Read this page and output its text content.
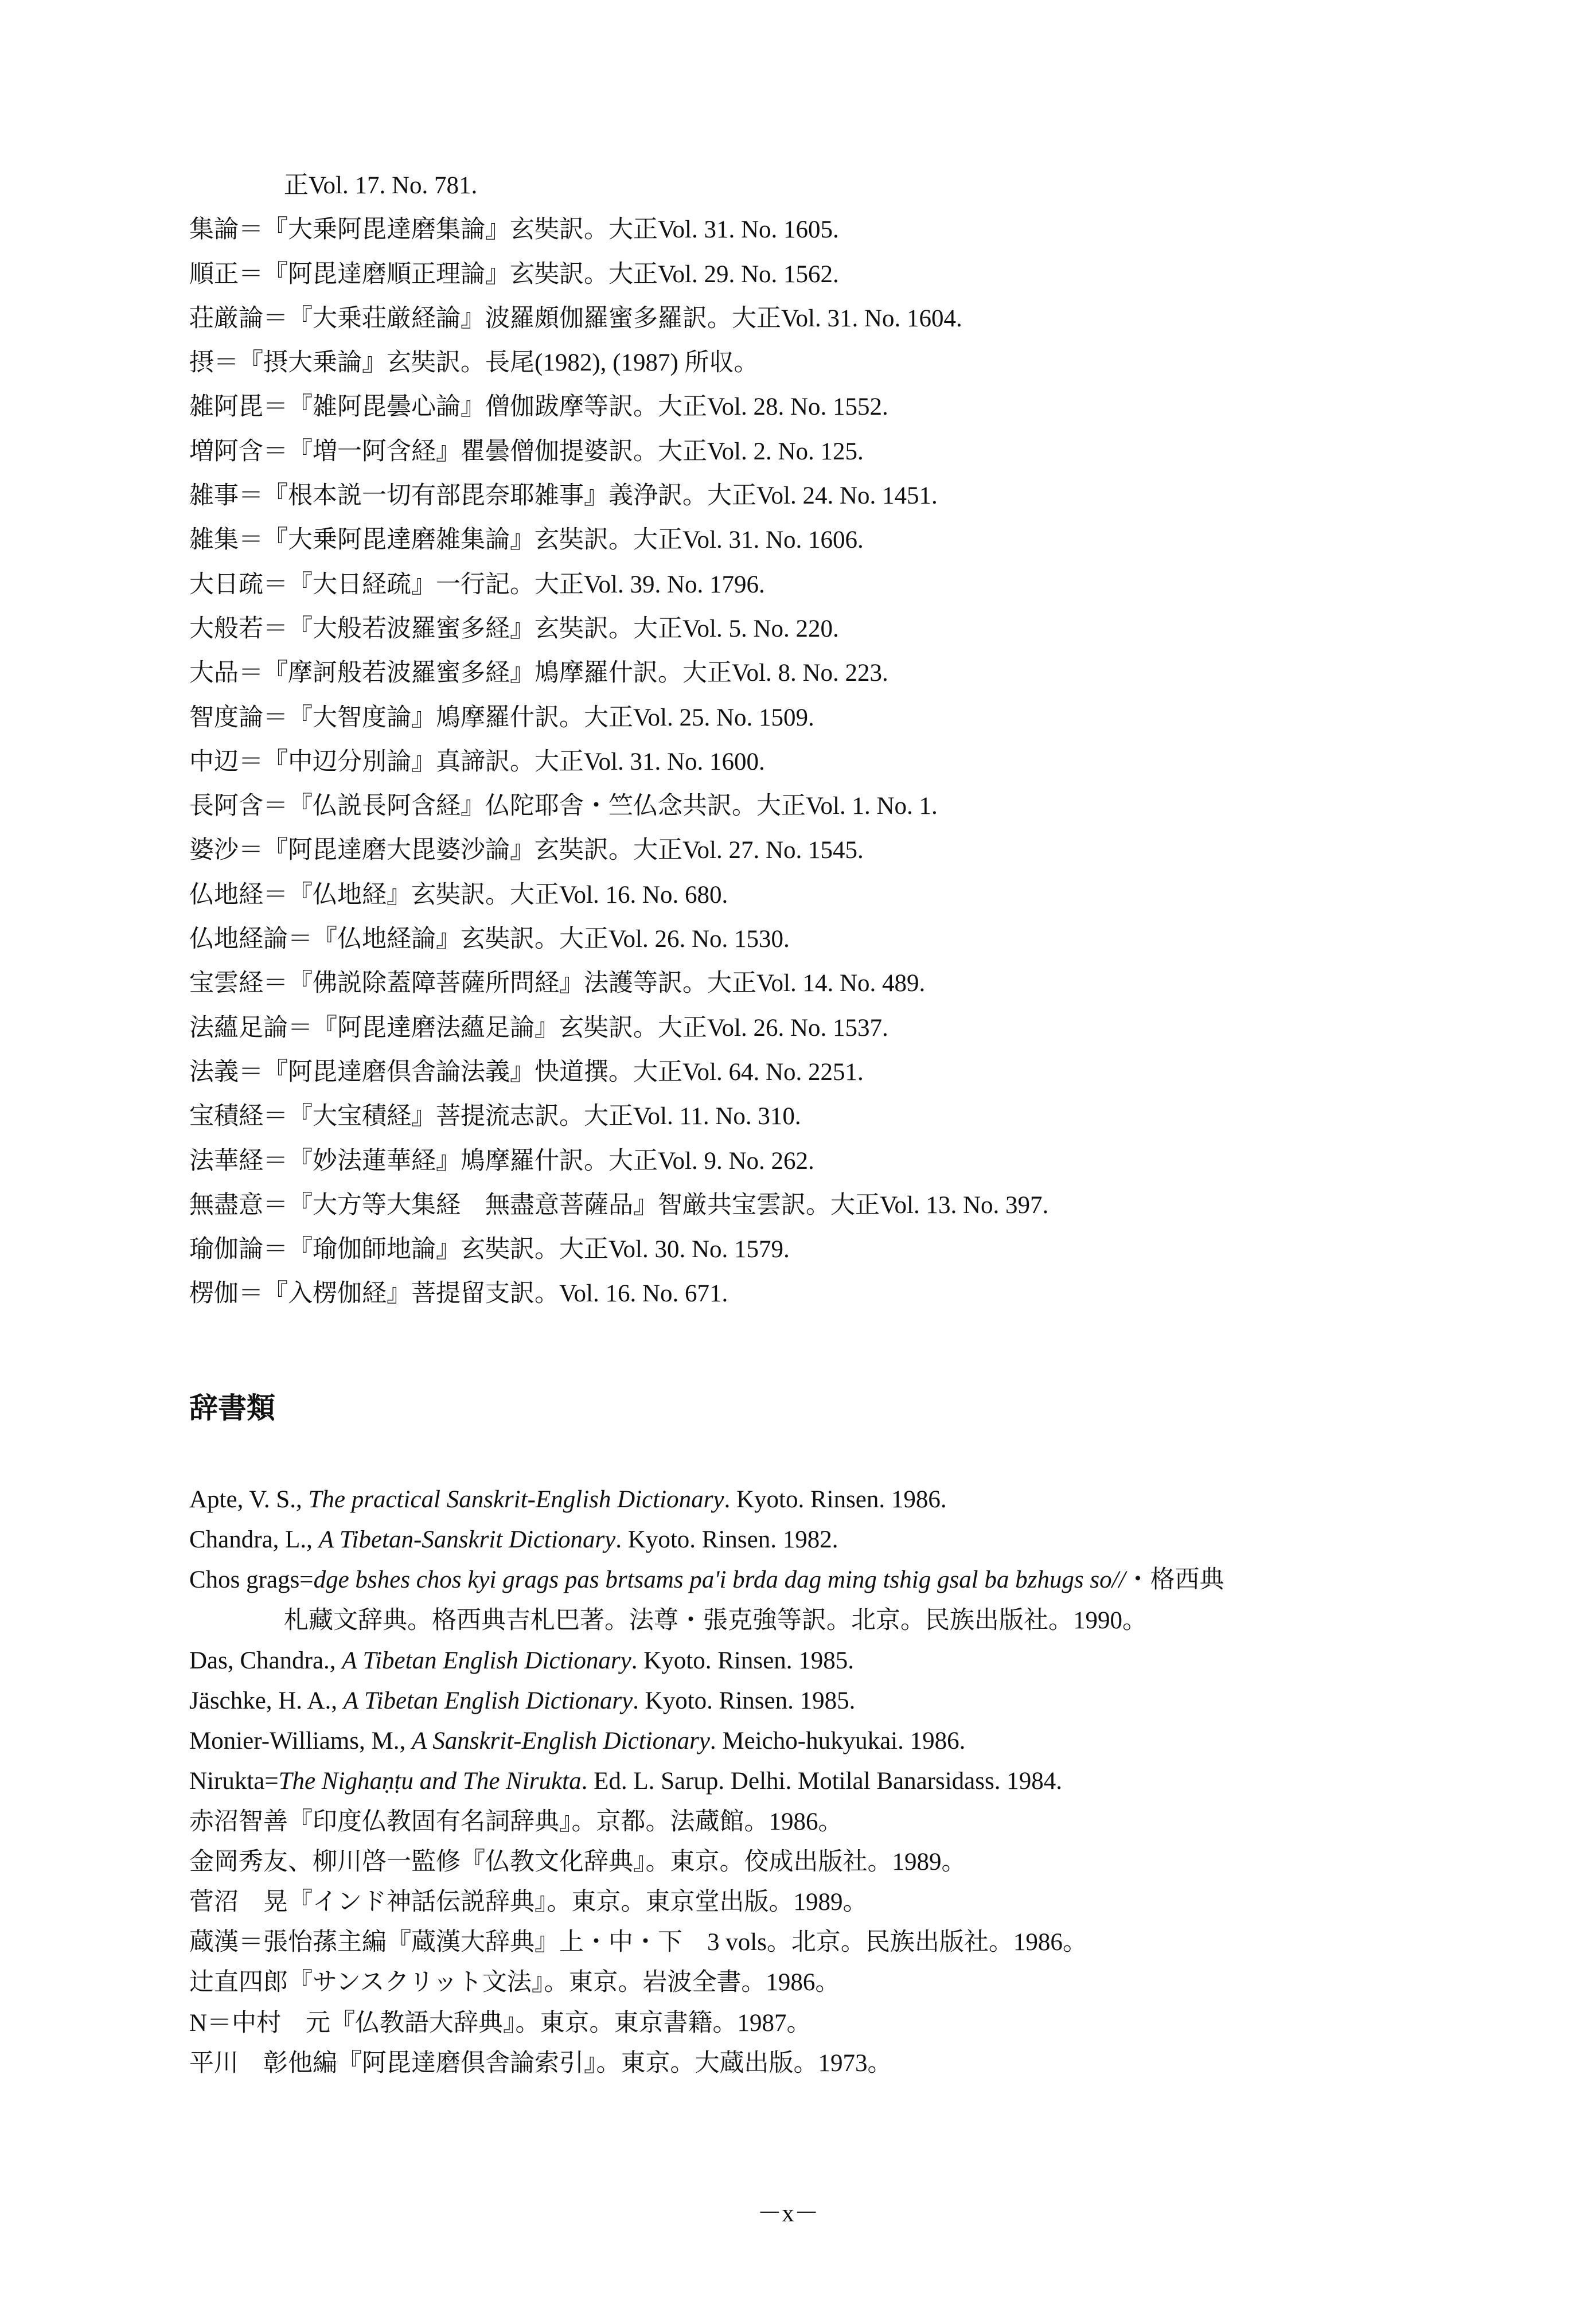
正Vol. 17. No. 781.
集論＝『大乗阿毘達磨集論』玄奘訳。大正Vol. 31. No. 1605.
順正＝『阿毘達磨順正理論』玄奘訳。大正Vol. 29. No. 1562.
荘厳論＝『大乗荘厳経論』波羅頗伽羅蜜多羅訳。大正Vol. 31. No. 1604.
摂＝『摂大乗論』玄奘訳。長尾(1982), (1987) 所収。
雑阿毘＝『雑阿毘曇心論』僧伽跋摩等訳。大正Vol. 28. No. 1552.
増阿含＝『増一阿含経』瞿曇僧伽提婆訳。大正Vol. 2. No. 125.
雑事＝『根本説一切有部毘奈耶雑事』義浄訳。大正Vol. 24. No. 1451.
雑集＝『大乗阿毘達磨雑集論』玄奘訳。大正Vol. 31. No. 1606.
大日疏＝『大日経疏』一行記。大正Vol. 39. No. 1796.
大般若＝『大般若波羅蜜多経』玄奘訳。大正Vol. 5. No. 220.
大品＝『摩訶般若波羅蜜多経』鳩摩羅什訳。大正Vol. 8. No. 223.
智度論＝『大智度論』鳩摩羅什訳。大正Vol. 25. No. 1509.
中辺＝『中辺分別論』真諦訳。大正Vol. 31. No. 1600.
長阿含＝『仏説長阿含経』仏陀耶舎・竺仏念共訳。大正Vol. 1. No. 1.
婆沙＝『阿毘達磨大毘婆沙論』玄奘訳。大正Vol. 27. No. 1545.
仏地経＝『仏地経』玄奘訳。大正Vol. 16. No. 680.
仏地経論＝『仏地経論』玄奘訳。大正Vol. 26. No. 1530.
宝雲経＝『佛説除蓋障菩薩所問経』法護等訳。大正Vol. 14. No. 489.
法蘊足論＝『阿毘達磨法蘊足論』玄奘訳。大正Vol. 26. No. 1537.
法義＝『阿毘達磨倶舎論法義』快道撰。大正Vol. 64. No. 2251.
宝積経＝『大宝積経』菩提流志訳。大正Vol. 11. No. 310.
法華経＝『妙法蓮華経』鳩摩羅什訳。大正Vol. 9. No. 262.
無盡意＝『大方等大集経　無盡意菩薩品』智厳共宝雲訳。大正Vol. 13. No. 397.
瑜伽論＝『瑜伽師地論』玄奘訳。大正Vol. 30. No. 1579.
楞伽＝『入楞伽経』菩提留支訳。Vol. 16. No. 671.
辞書類
Apte, V. S., The practical Sanskrit-English Dictionary. Kyoto. Rinsen. 1986.
Chandra, L., A Tibetan-Sanskrit Dictionary. Kyoto. Rinsen. 1982.
Chos grags=dge bshes chos kyi grags pas brtsams pa'i brda dag ming tshig gsal ba bzhugs so//・格西典
札藏文辞典。格西典吉札巴著。法尊・張克強等訳。北京。民族出版社。1990。
Das, Chandra., A Tibetan English Dictionary. Kyoto. Rinsen. 1985.
Jäschke, H. A., A Tibetan English Dictionary. Kyoto. Rinsen. 1985.
Monier-Williams, M., A Sanskrit-English Dictionary. Meicho-hukyukai. 1986.
Nirukta=The Nighaṇṭu and The Nirukta. Ed. L. Sarup. Delhi. Motilal Banarsidass. 1984.
赤沼智善『印度仏教固有名詞辞典』。京都。法蔵館。1986。
金岡秀友、柳川啓一監修『仏教文化辞典』。東京。佼成出版社。1989。
菅沼　晃『インド神話伝説辞典』。東京。東京堂出版。1989。
蔵漢＝張怡蓀主編『蔵漢大辞典』上・中・下　3 vols。北京。民族出版社。1986。
辻直四郎『サンスクリット文法』。東京。岩波全書。1986。
N＝中村　元『仏教語大辞典』。東京。東京書籍。1987。
平川　彰他編『阿毘達磨倶舎論索引』。東京。大蔵出版。1973。
－x－
